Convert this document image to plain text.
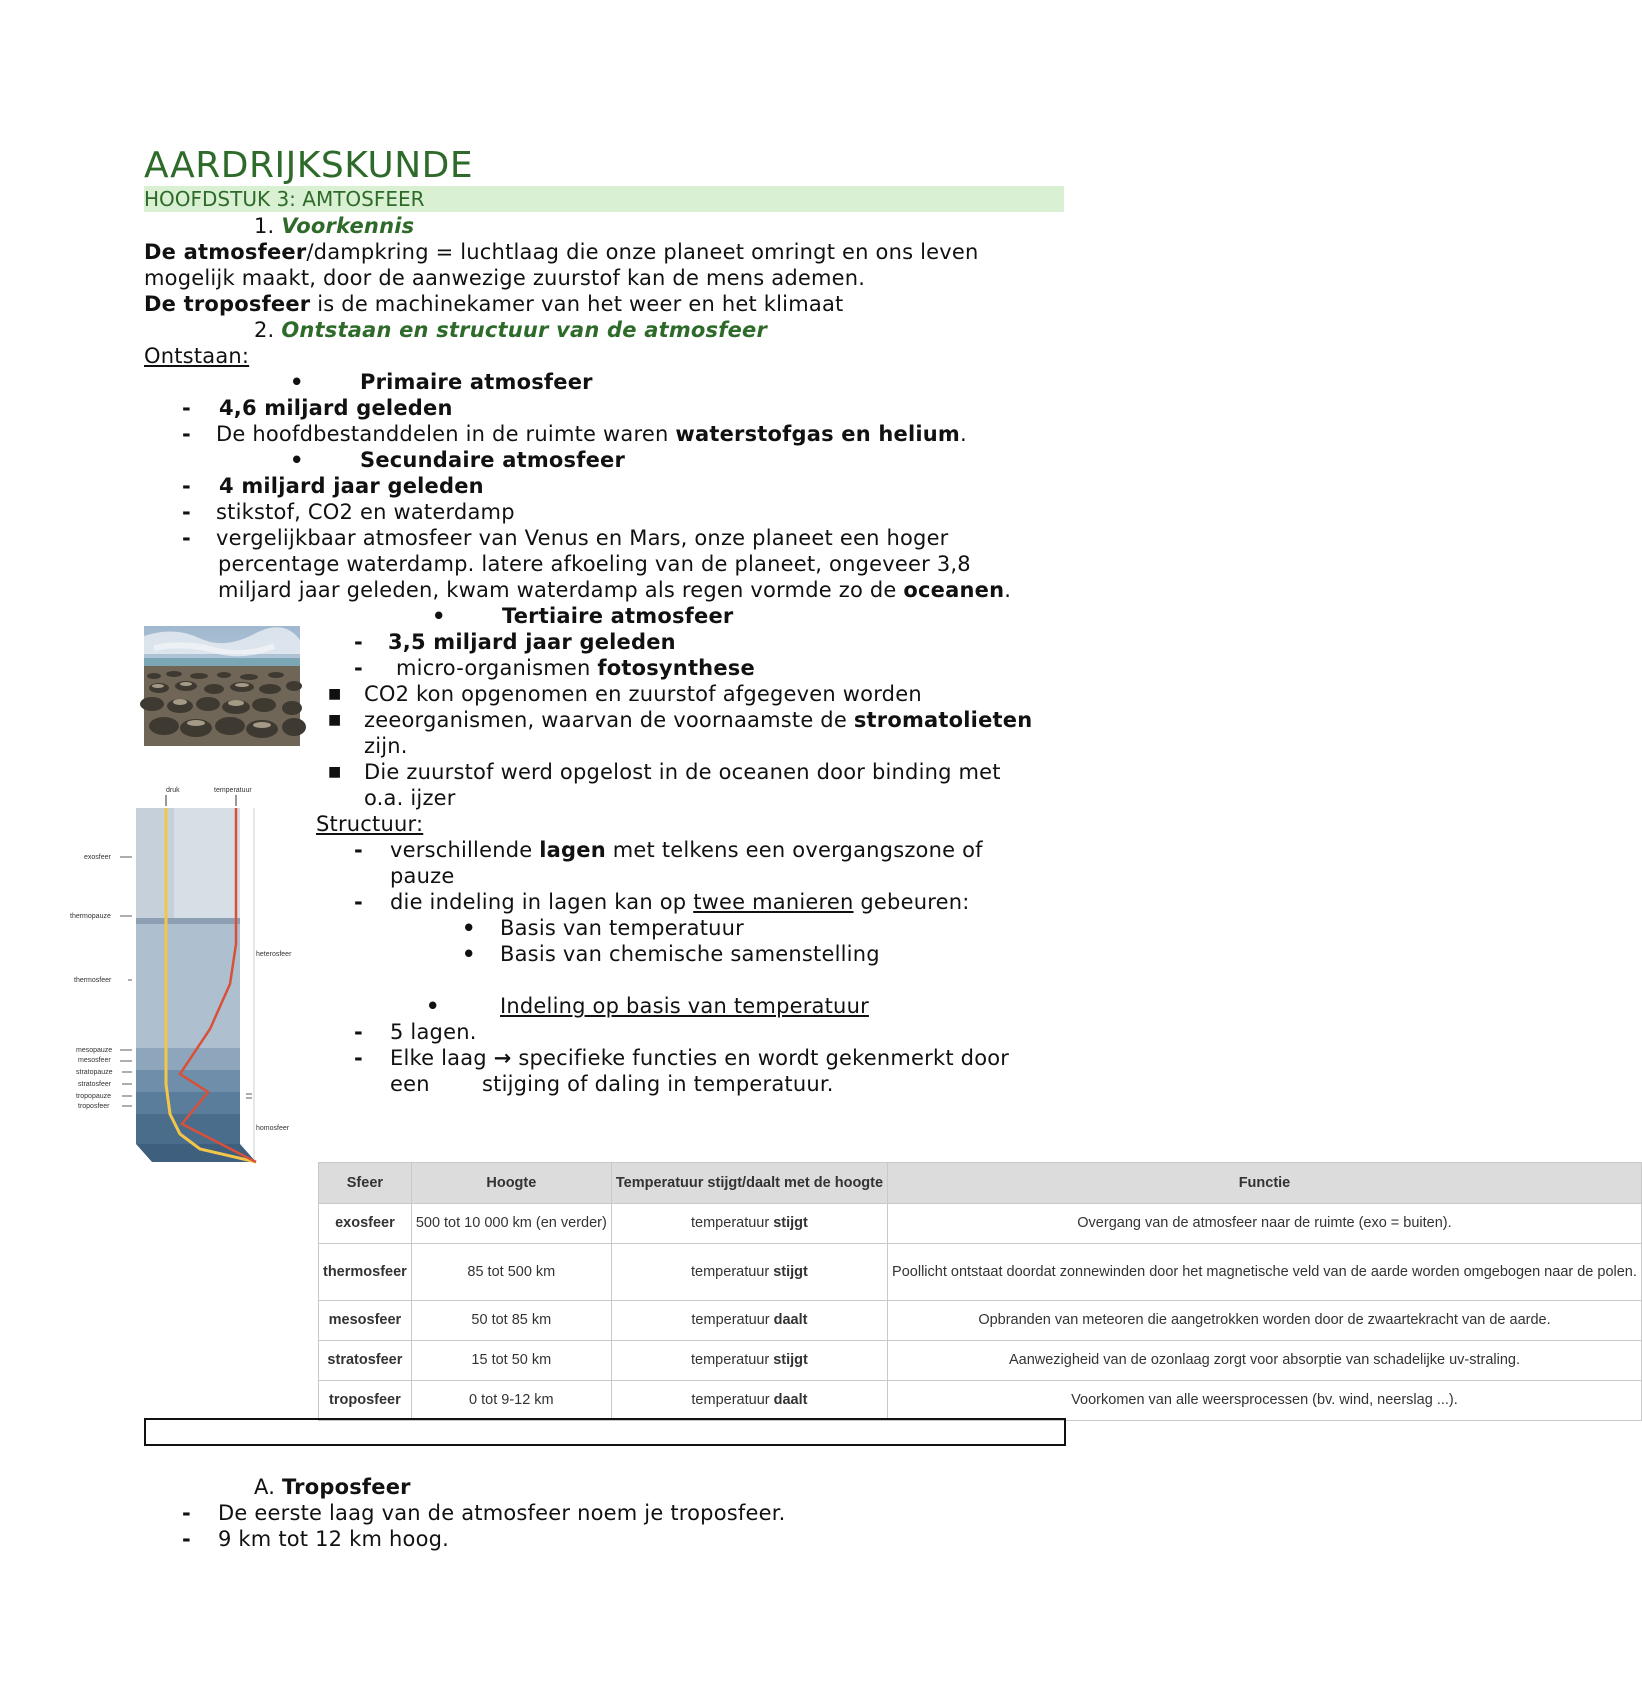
AARDRIJKSKUNDE
HOOFDSTUK 3: AMTOSFEER
1. Voorkennis
De atmosfeer/dampkring = luchtlaag die onze planeet omringt en ons leven
mogelijk maakt, door de aanwezige zuurstof kan de mens ademen.
De troposfeer is de machinekamer van het weer en het klimaat
2. Ontstaan en structuur van de atmosfeer
Ontstaan:
•	Primaire atmosfeer
- 4,6 miljard geleden
- De hoofdbestanddelen in de ruimte waren waterstofgas en helium.
•	Secundaire atmosfeer
- 4 miljard jaar geleden
- stikstof, CO2 en waterdamp
- vergelijkbaar atmosfeer van Venus en Mars, onze planeet een hoger
percentage waterdamp. latere afkoeling van de planeet, ongeveer 3,8
miljard jaar geleden, kwam waterdamp als regen vormde zo de oceanen.
•	Tertiaire atmosfeer
- 3,5 miljard jaar geleden
- micro-organismen fotosynthese
■ CO2 kon opgenomen en zuurstof afgegeven worden
■ zeeorganismen, waarvan de voornaamste de stromatolieten
zijn.
■ Die zuurstof werd opgelost in de oceanen door binding met
o.a. ijzer
druk	temperatuur
exosfeer
thermopauze
thermosfeer
mesopauze
mesosfeer
stratopauze
stratosfeer
tropopauze
troposfeer
heterosfeer
homosfeer
Structuur:
- verschillende lagen met telkens een overgangszone of
pauze
- die indeling in lagen kan op twee manieren gebeuren:
• Basis van temperatuur
• Basis van chemische samenstelling
•	Indeling op basis van temperatuur
- 5 lagen.
- Elke laag → specifieke functies en wordt gekenmerkt door
een stijging of daling in temperatuur.
Sfeer	Hoogte	Temperatuur stijgt/daalt met de hoogte	Functie
exosfeer	500 tot 10 000 km (en verder)	temperatuur stijgt	Overgang van de atmosfeer naar de ruimte (exo = buiten).
thermosfeer	85 tot 500 km	temperatuur stijgt	Poollicht ontstaat doordat zonnewinden door het magnetische veld van de aarde worden omgebogen naar de polen.
mesosfeer	50 tot 85 km	temperatuur daalt	Opbranden van meteoren die aangetrokken worden door de zwaartekracht van de aarde.
stratosfeer	15 tot 50 km	temperatuur stijgt	Aanwezigheid van de ozonlaag zorgt voor absorptie van schadelijke uv-straling.
troposfeer	0 tot 9-12 km	temperatuur daalt	Voorkomen van alle weersprocessen (bv. wind, neerslag ...).
A. Troposfeer
- De eerste laag van de atmosfeer noem je troposfeer.
- 9 km tot 12 km hoog.
